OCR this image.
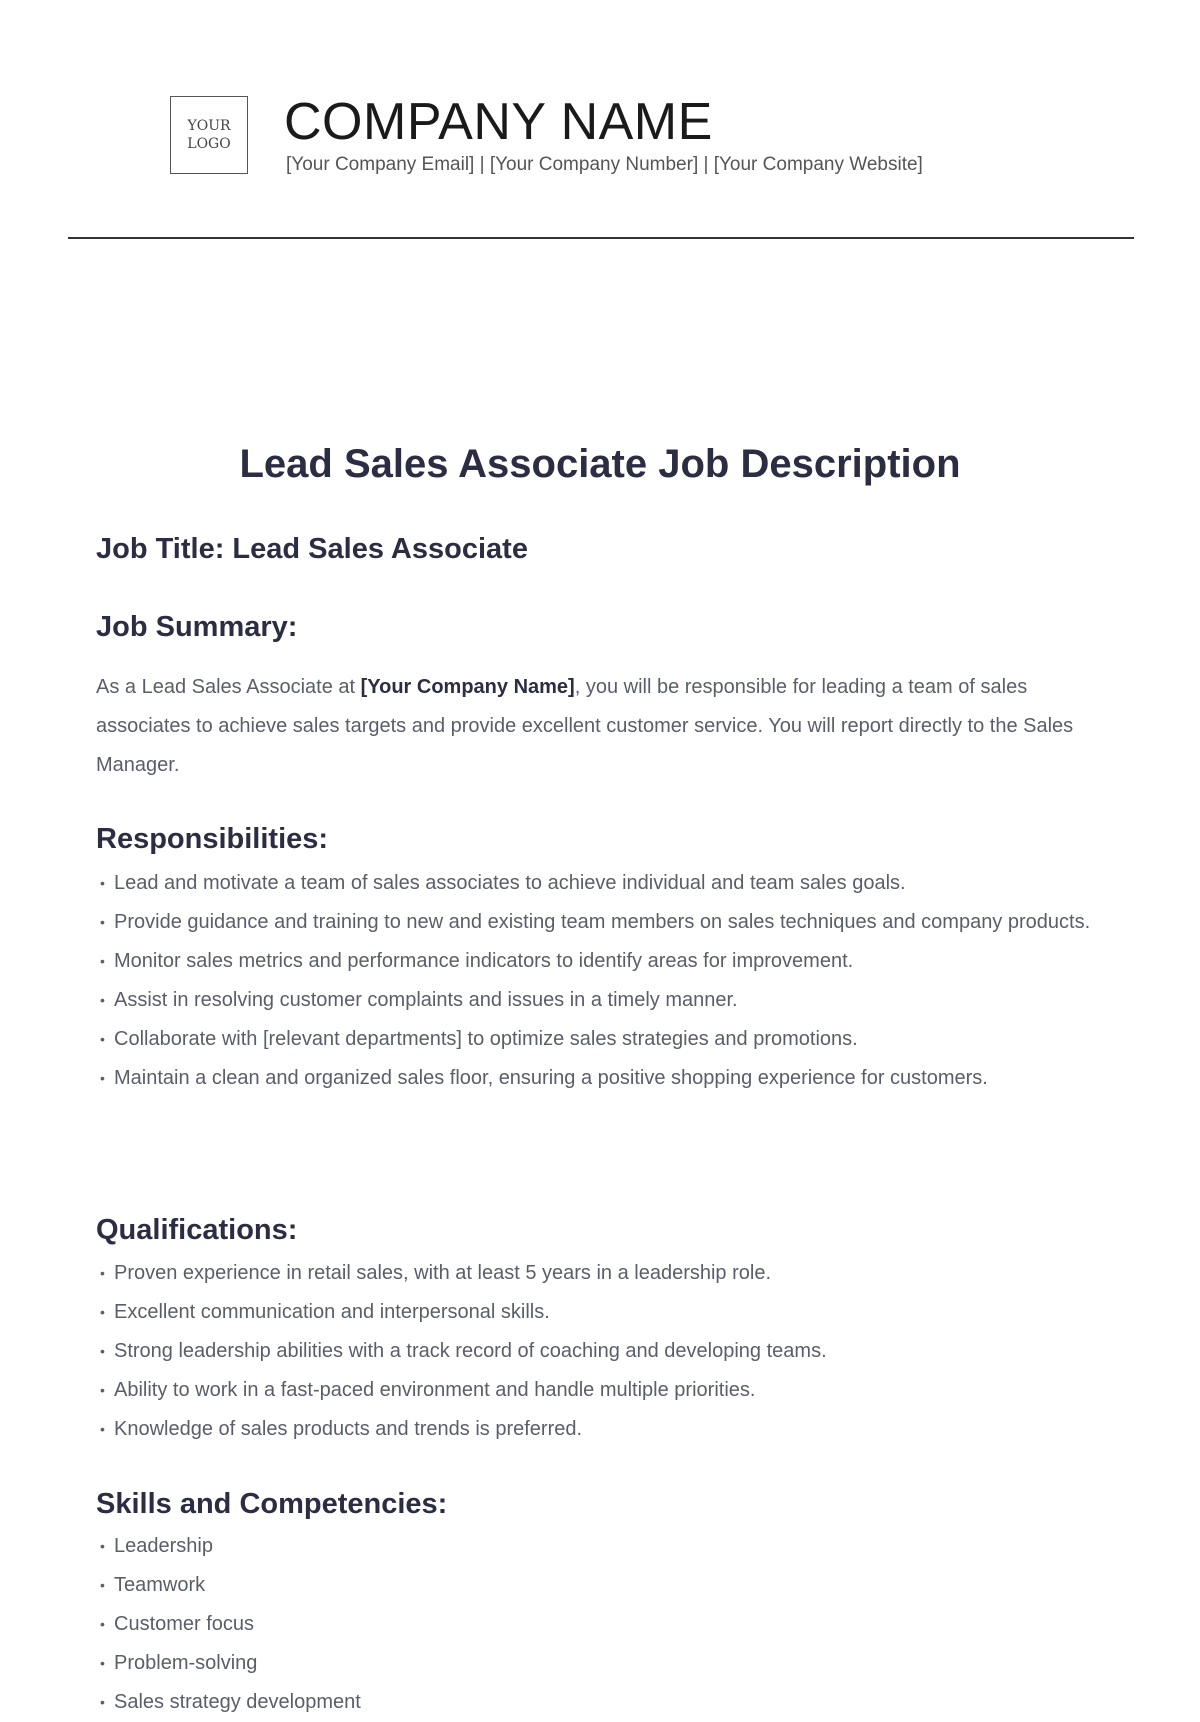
YOUR LOGO COMPANY NAME
[Your Company Email] | [Your Company Number] | [Your Company Website]
Lead Sales Associate Job Description
Job Title: Lead Sales Associate
Job Summary:
As a Lead Sales Associate at [Your Company Name], you will be responsible for leading a team of sales associates to achieve sales targets and provide excellent customer service. You will report directly to the Sales Manager.
Responsibilities:
• Lead and motivate a team of sales associates to achieve individual and team sales goals.
• Provide guidance and training to new and existing team members on sales techniques and company products.
• Monitor sales metrics and performance indicators to identify areas for improvement.
• Assist in resolving customer complaints and issues in a timely manner.
• Collaborate with [relevant departments] to optimize sales strategies and promotions.
• Maintain a clean and organized sales floor, ensuring a positive shopping experience for customers.
Qualifications:
• Proven experience in retail sales, with at least 5 years in a leadership role.
• Excellent communication and interpersonal skills.
• Strong leadership abilities with a track record of coaching and developing teams.
• Ability to work in a fast-paced environment and handle multiple priorities.
• Knowledge of sales products and trends is preferred.
Skills and Competencies:
• Leadership
• Teamwork
• Customer focus
• Problem-solving
• Sales strategy development
